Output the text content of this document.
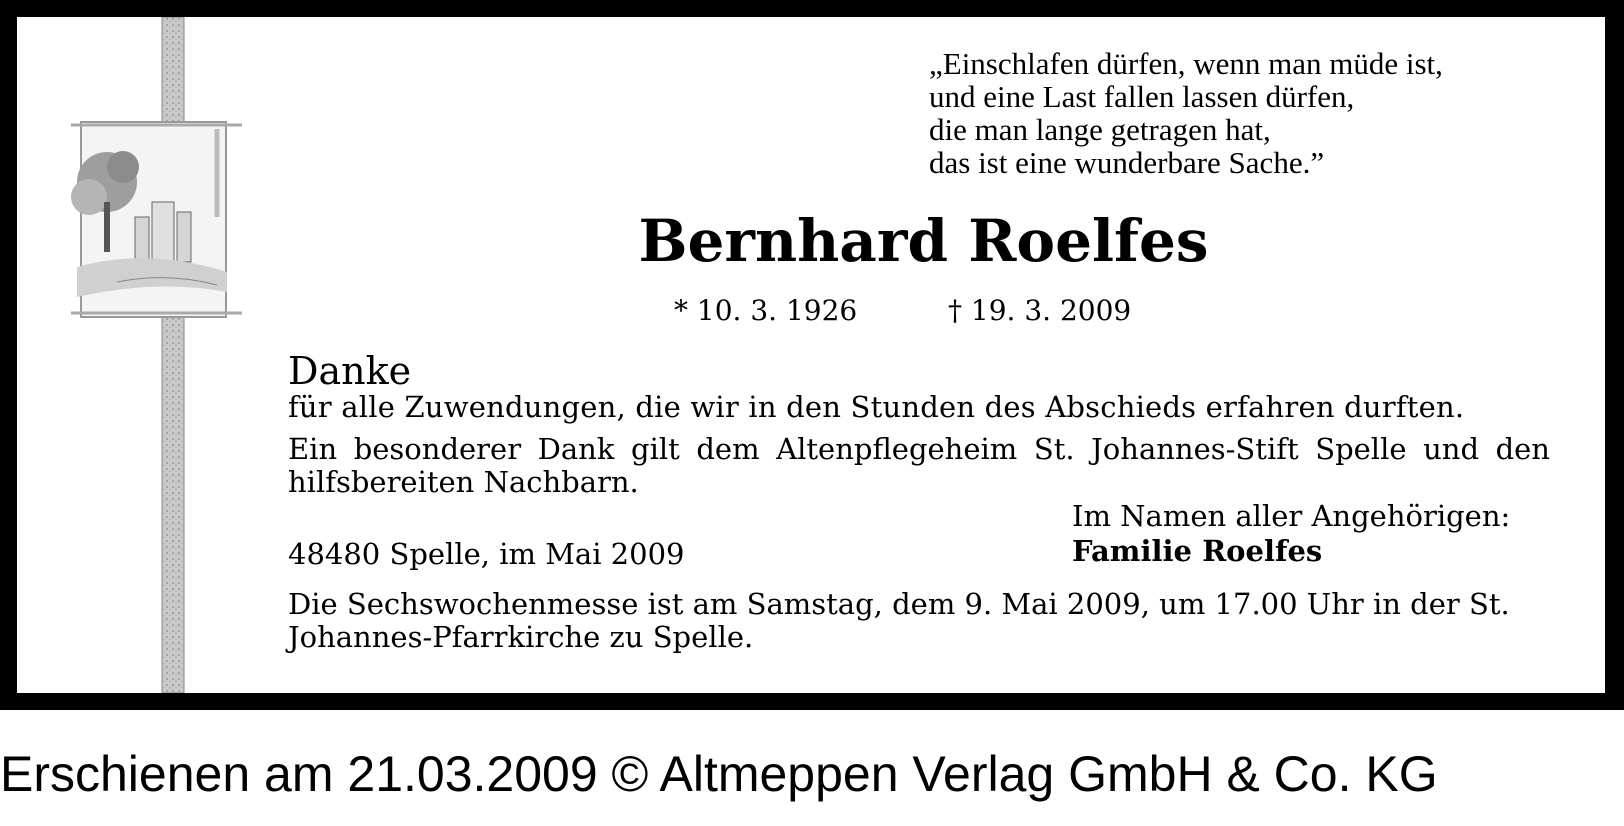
„Einschlafen dürfen, wenn man müde ist,
und eine Last fallen lassen dürfen,
die man lange getragen hat,
das ist eine wunderbare Sache.”
Bernhard Roelfes
* 10. 3. 1926	† 19. 3. 2009
Danke
für alle Zuwendungen, die wir in den Stunden des Abschieds erfahren durften.
Ein besonderer Dank gilt dem Altenpflegeheim St. Johannes-Stift Spelle und den hilfsbereiten Nachbarn.
Im Namen aller Angehörigen:
Familie Roelfes
48480 Spelle, im Mai 2009
Die Sechswochenmesse ist am Samstag, dem 9. Mai 2009, um 17.00 Uhr in der St. Johannes-Pfarrkirche zu Spelle.
Erschienen am 21.03.2009 © Altmeppen Verlag GmbH & Co. KG
